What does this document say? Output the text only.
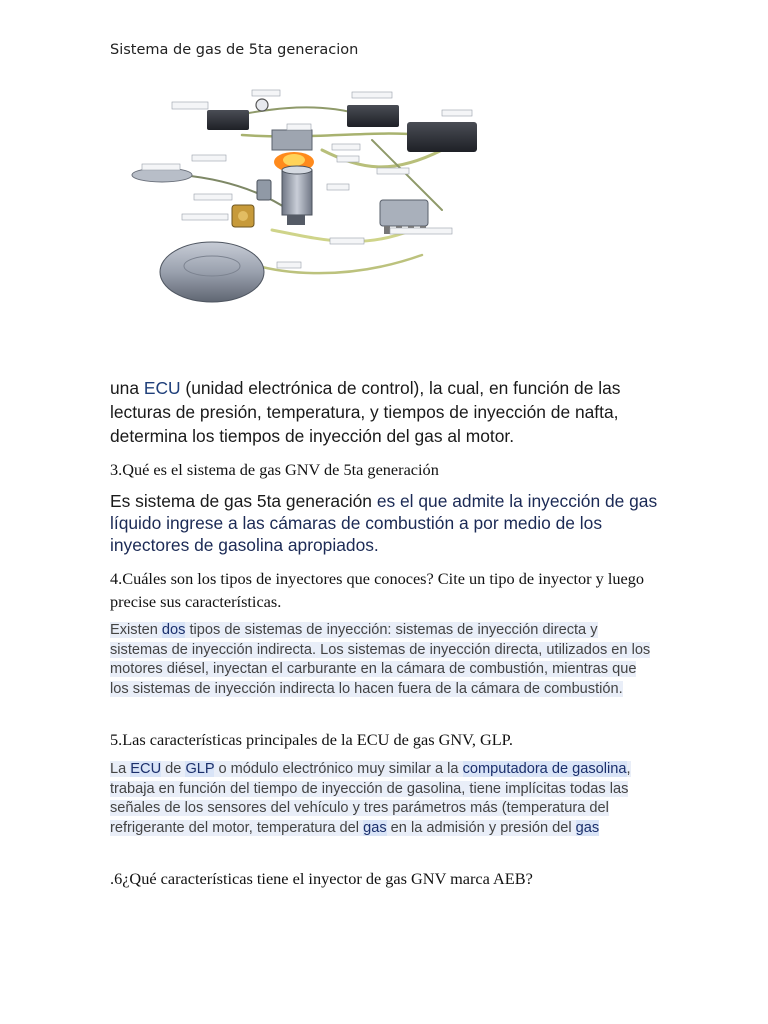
Sistema de gas de 5ta generacion
una ECU (unidad electrónica de control), la cual, en función de las lecturas de presión, temperatura, y tiempos de inyección de nafta, determina los tiempos de inyección del gas al motor.
3.Qué es el sistema de gas GNV de 5ta generación
Es sistema de gas 5ta generación es el que admite la inyección de gas líquido ingrese a las cámaras de combustión a por medio de los inyectores de gasolina apropiados.
4.Cuáles son los tipos de inyectores que conoces? Cite un tipo de inyector y luego precise sus características.
Existen dos tipos de sistemas de inyección: sistemas de inyección directa y sistemas de inyección indirecta. Los sistemas de inyección directa, utilizados en los motores diésel, inyectan el carburante en la cámara de combustión, mientras que los sistemas de inyección indirecta lo hacen fuera de la cámara de combustión.
5.Las características principales de la ECU de gas GNV, GLP.
La ECU de GLP o módulo electrónico muy similar a la computadora de gasolina, trabaja en función del tiempo de inyección de gasolina, tiene implícitas todas las señales de los sensores del vehículo y tres parámetros más (temperatura del refrigerante del motor, temperatura del gas en la admisión y presión del gas
.6¿Qué características tiene el inyector de gas GNV marca AEB?
